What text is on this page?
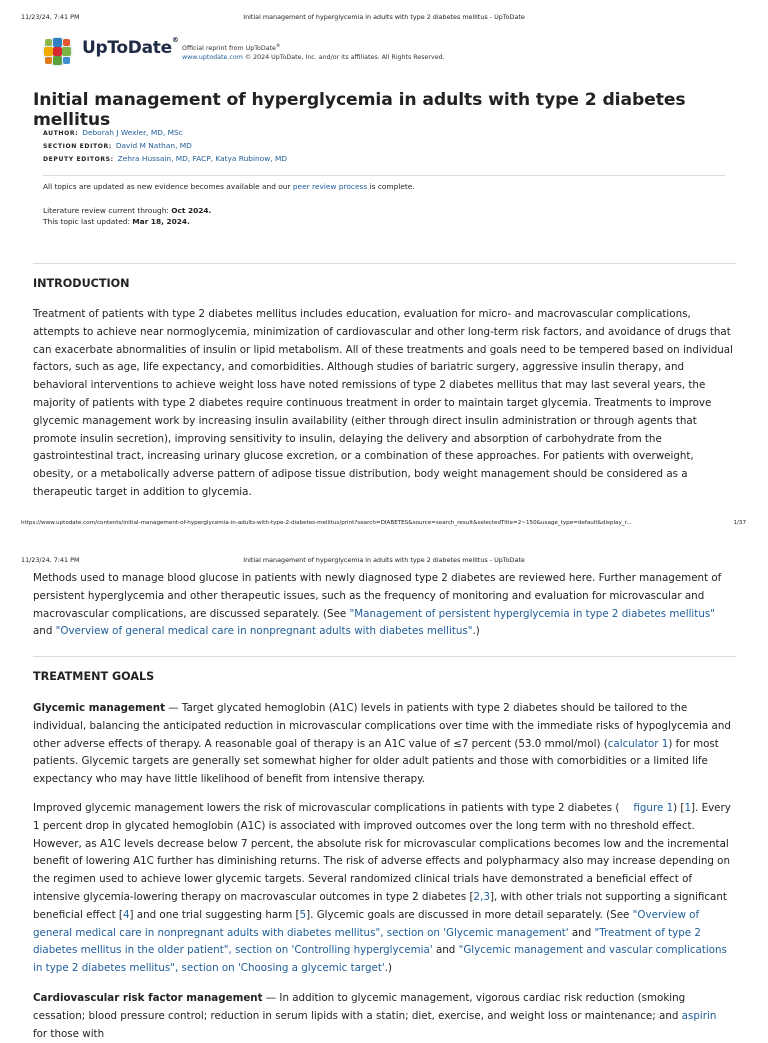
11/23/24, 7:41 PM	Initial management of hyperglycemia in adults with type 2 diabetes mellitus - UpToDate
UpToDate®
Official reprint from UpToDate®
www.uptodate.com © 2024 UpToDate, Inc. and/or its affiliates. All Rights Reserved.
Initial management of hyperglycemia in adults with type 2 diabetes mellitus
AUTHOR: Deborah J Wexler, MD, MSc
SECTION EDITOR: David M Nathan, MD
DEPUTY EDITORS: Zehra Hussain, MD, FACP, Katya Rubinow, MD
All topics are updated as new evidence becomes available and our peer review process is complete.
Literature review current through: Oct 2024.
This topic last updated: Mar 18, 2024.
INTRODUCTION

Treatment of patients with type 2 diabetes mellitus includes education, evaluation for micro- and macrovascular complications, attempts to achieve near normoglycemia, minimization of cardiovascular and other long-term risk factors, and avoidance of drugs that can exacerbate abnormalities of insulin or lipid metabolism. All of these treatments and goals need to be tempered based on individual factors, such as age, life expectancy, and comorbidities. Although studies of bariatric surgery, aggressive insulin therapy, and behavioral interventions to achieve weight loss have noted remissions of type 2 diabetes mellitus that may last several years, the majority of patients with type 2 diabetes require continuous treatment in order to maintain target glycemia. Treatments to improve glycemic management work by increasing insulin availability (either through direct insulin administration or through agents that promote insulin secretion), improving sensitivity to insulin, delaying the delivery and absorption of carbohydrate from the gastrointestinal tract, increasing urinary glucose excretion, or a combination of these approaches. For patients with overweight, obesity, or a metabolically adverse pattern of adipose tissue distribution, body weight management should be considered as a therapeutic target in addition to glycemia.

https://www.uptodate.com/contents/initial-management-of-hyperglycemia-in-adults-with-type-2-diabetes-mellitus/print?search=DIABETES&source=search_result&selectedTitle=2~150&usage_type=default&display_r...	1/37
11/23/24, 7:41 PM	Initial management of hyperglycemia in adults with type 2 diabetes mellitus - UpToDate

Methods used to manage blood glucose in patients with newly diagnosed type 2 diabetes are reviewed here. Further management of persistent hyperglycemia and other therapeutic issues, such as the frequency of monitoring and evaluation for microvascular and macrovascular complications, are discussed separately. (See "Management of persistent hyperglycemia in type 2 diabetes mellitus" and "Overview of general medical care in nonpregnant adults with diabetes mellitus".)

TREATMENT GOALS

Glycemic management — Target glycated hemoglobin (A1C) levels in patients with type 2 diabetes should be tailored to the individual, balancing the anticipated reduction in microvascular complications over time with the immediate risks of hypoglycemia and other adverse effects of therapy. A reasonable goal of therapy is an A1C value of ≤7 percent (53.0 mmol/mol) (calculator 1) for most patients. Glycemic targets are generally set somewhat higher for older adult patients and those with comorbidities or a limited life expectancy who may have little likelihood of benefit from intensive therapy.

Improved glycemic management lowers the risk of microvascular complications in patients with type 2 diabetes ( figure 1) [1]. Every 1 percent drop in glycated hemoglobin (A1C) is associated with improved outcomes over the long term with no threshold effect. However, as A1C levels decrease below 7 percent, the absolute risk for microvascular complications becomes low and the incremental benefit of lowering A1C further has diminishing returns. The risk of adverse effects and polypharmacy also may increase depending on the regimen used to achieve lower glycemic targets. Several randomized clinical trials have demonstrated a beneficial effect of intensive glycemia-lowering therapy on macrovascular outcomes in type 2 diabetes [2,3], with other trials not supporting a significant beneficial effect [4] and one trial suggesting harm [5]. Glycemic goals are discussed in more detail separately. (See "Overview of general medical care in nonpregnant adults with diabetes mellitus", section on 'Glycemic management' and "Treatment of type 2 diabetes mellitus in the older patient", section on 'Controlling hyperglycemia' and "Glycemic management and vascular complications in type 2 diabetes mellitus", section on 'Choosing a glycemic target'.)

Cardiovascular risk factor management — In addition to glycemic management, vigorous cardiac risk reduction (smoking cessation; blood pressure control; reduction in serum lipids with a statin; diet, exercise, and weight loss or maintenance; and aspirin for those with
